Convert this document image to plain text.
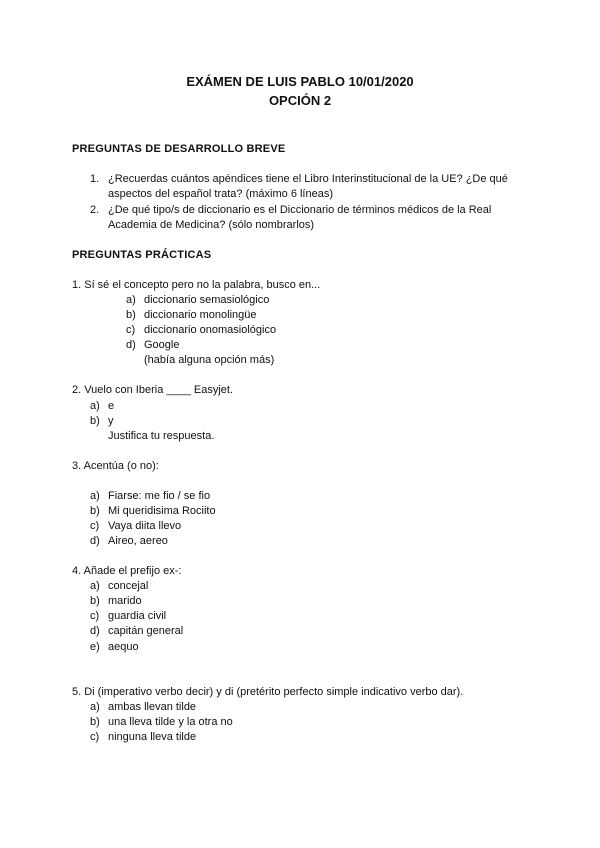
EXÁMEN DE LUIS PABLO 10/01/2020
OPCIÓN 2
PREGUNTAS DE DESARROLLO BREVE
1. ¿Recuerdas cuántos apéndices tiene el Libro Interinstitucional de la UE? ¿De qué
aspectos del español trata? (máximo 6 líneas)
2. ¿De qué tipo/s de diccionario es el Diccionario de términos médicos de la Real
Academia de Medicina? (sólo nombrarlos)
PREGUNTAS PRÁCTICAS
1. Sí sé el concepto pero no la palabra, busco en...
a) diccionario semasiológico
b) diccionario monolingüe
c) diccionario onomasiológico
d) Google
(había alguna opción más)
2. Vuelo con Iberia ____ Easyjet.
a) e
b) y
Justifica tu respuesta.
3. Acentúa (o no):
a) Fiarse: me fio / se fio
b) Mi queridisima Rociito
c) Vaya diita llevo
d) Aireo, aereo
4. Añade el prefijo ex-:
a) concejal
b) marido
c) guardia civil
d) capitán general
e) aequo
5. Di (imperativo verbo decir) y di (pretérito perfecto simple indicativo verbo dar).
a) ambas llevan tilde
b) una lleva tilde y la otra no
c) ninguna lleva tilde
